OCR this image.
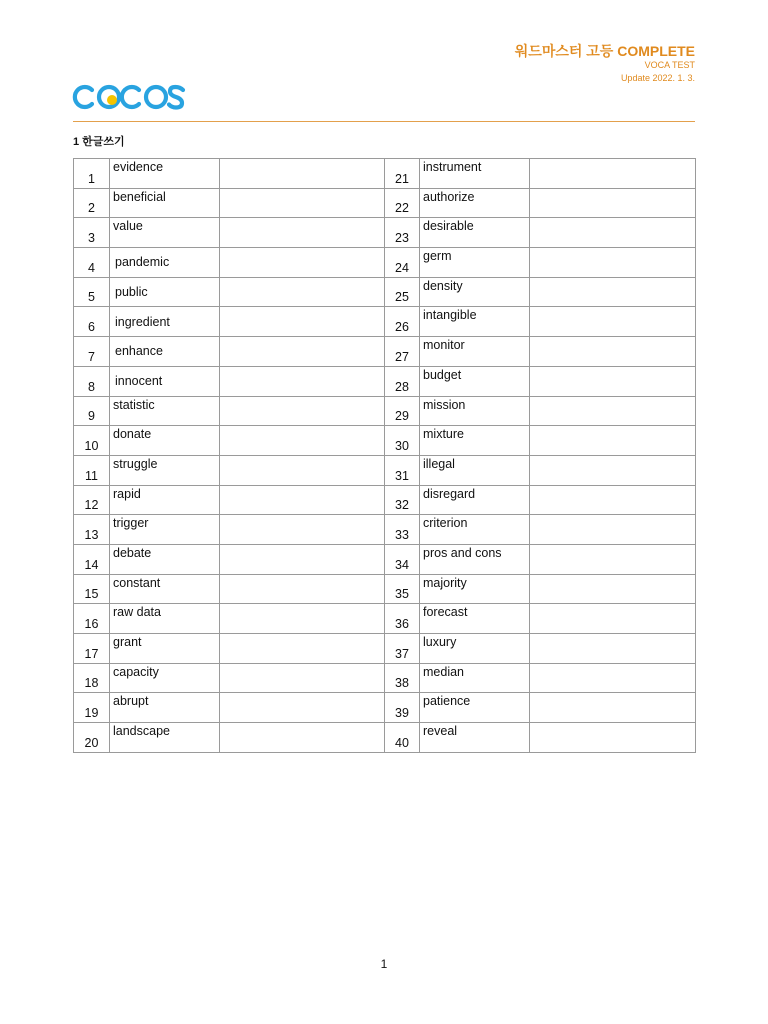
워드마스터 고등 COMPLETE
VOCA TEST
Update 2022. 1. 3.
1 한글쓰기
1	evidence		21	instrument	
2	beneficial		22	authorize	
3	value		23	desirable	
4	pandemic		24	germ	
5	public		25	density	
6	ingredient		26	intangible	
7	enhance		27	monitor	
8	innocent		28	budget	
9	statistic		29	mission	
10	donate		30	mixture	
11	struggle		31	illegal	
12	rapid		32	disregard	
13	trigger		33	criterion	
14	debate		34	pros and cons	
15	constant		35	majority	
16	raw data		36	forecast	
17	grant		37	luxury	
18	capacity		38	median	
19	abrupt		39	patience	
20	landscape		40	reveal	
1
